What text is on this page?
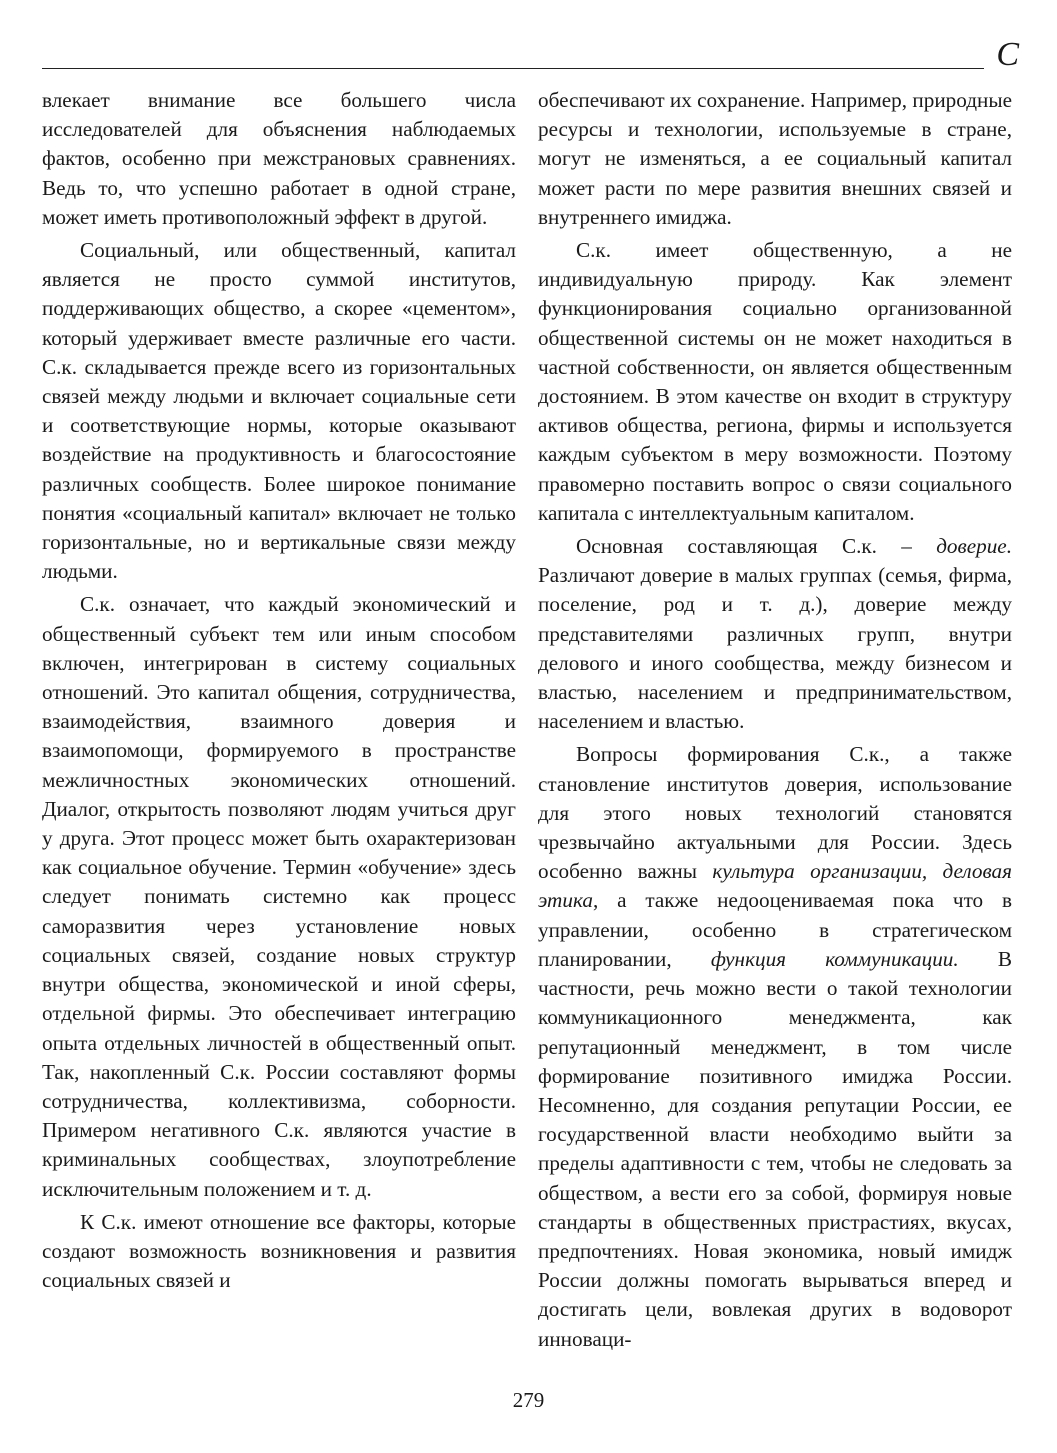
С

влекает внимание все большего числа исследователей для объяснения наблюдаемых фактов, особенно при межстрановых сравнениях. Ведь то, что успешно работает в одной стране, может иметь противоположный эффект в другой.

Социальный, или общественный, капитал является не просто суммой институтов, поддерживающих общество, а скорее «цементом», который удерживает вместе различные его части. С.к. складывается прежде всего из горизонтальных связей между людьми и включает социальные сети и соответствующие нормы, которые оказывают воздействие на продуктивность и благосостояние различных сообществ. Более широкое понимание понятия «социальный капитал» включает не только горизонтальные, но и вертикальные связи между людьми.

С.к. означает, что каждый экономический и общественный субъект тем или иным способом включен, интегрирован в систему социальных отношений. Это капитал общения, сотрудничества, взаимодействия, взаимного доверия и взаимопомощи, формируемого в пространстве межличностных экономических отношений. Диалог, открытость позволяют людям учиться друг у друга. Этот процесс может быть охарактеризован как социальное обучение. Термин «обучение» здесь следует понимать системно как процесс саморазвития через установление новых социальных связей, создание новых структур внутри общества, экономической и иной сферы, отдельной фирмы. Это обеспечивает интеграцию опыта отдельных личностей в общественный опыт. Так, накопленный С.к. России составляют формы сотрудничества, коллективизма, соборности. Примером негативного С.к. являются участие в криминальных сообществах, злоупотребление исключительным положением и т. д.

К С.к. имеют отношение все факторы, которые создают возможность возникновения и развития социальных связей и

обеспечивают их сохранение. Например, природные ресурсы и технологии, используемые в стране, могут не изменяться, а ее социальный капитал может расти по мере развития внешних связей и внутреннего имиджа.

С.к. имеет общественную, а не индивидуальную природу. Как элемент функционирования социально организованной общественной системы он не может находиться в частной собственности, он является общественным достоянием. В этом качестве он входит в структуру активов общества, региона, фирмы и используется каждым субъектом в меру возможности. Поэтому правомерно поставить вопрос о связи социального капитала с интеллектуальным капиталом.

Основная составляющая С.к. – доверие. Различают доверие в малых группах (семья, фирма, поселение, род и т. д.), доверие между представителями различных групп, внутри делового и иного сообщества, между бизнесом и властью, населением и предпринимательством, населением и властью.

Вопросы формирования С.к., а также становление институтов доверия, использование для этого новых технологий становятся чрезвычайно актуальными для России. Здесь особенно важны культура организации, деловая этика, а также недооцениваемая пока что в управлении, особенно в стратегическом планировании, функция коммуникации. В частности, речь можно вести о такой технологии коммуникационного менеджмента, как репутационный менеджмент, в том числе формирование позитивного имиджа России. Несомненно, для создания репутации России, ее государственной власти необходимо выйти за пределы адаптивности с тем, чтобы не следовать за обществом, а вести его за собой, формируя новые стандарты в общественных пристрастиях, вкусах, предпочтениях. Новая экономика, новый имидж России должны помогать вырываться вперед и достигать цели, вовлекая других в водоворот инноваци-

279
